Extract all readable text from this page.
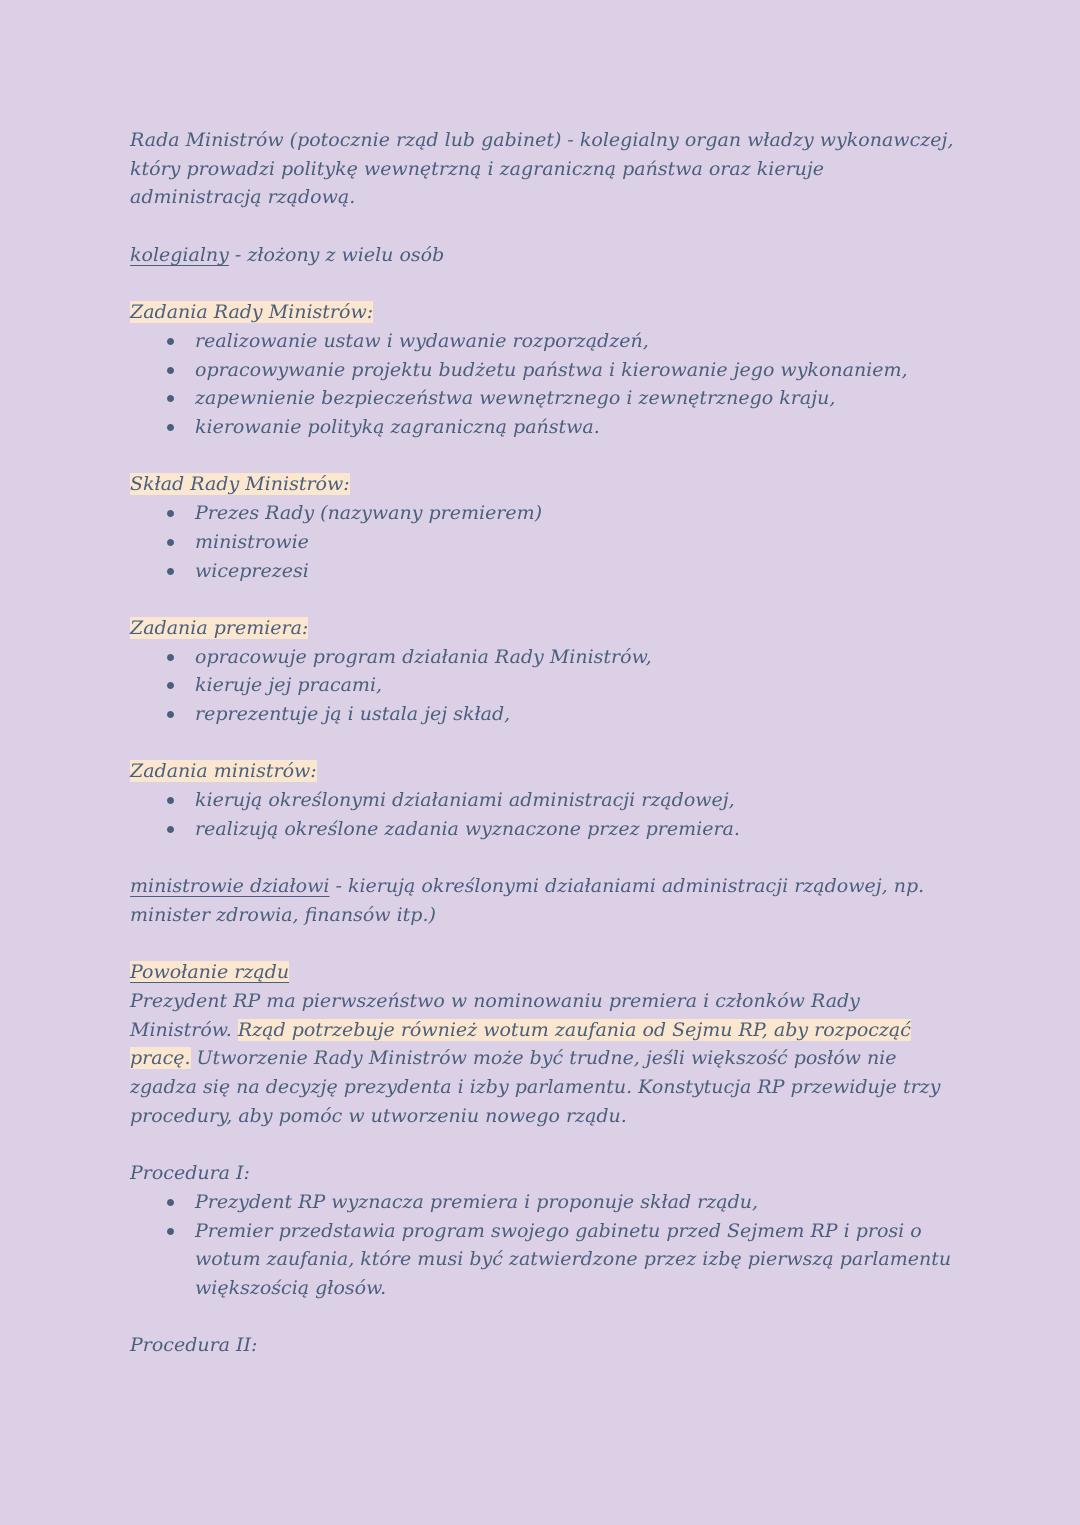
Rada Ministrów (potocznie rząd lub gabinet) - kolegialny organ władzy wykonawczej, który prowadzi politykę wewnętrzną i zagraniczną państwa oraz kieruje administracją rządową.

kolegialny - złożony z wielu osób

Zadania Rady Ministrów:

realizowanie ustaw i wydawanie rozporządzeń,
opracowywanie projektu budżetu państwa i kierowanie jego wykonaniem,
zapewnienie bezpieczeństwa wewnętrznego i zewnętrznego kraju,
kierowanie polityką zagraniczną państwa.

Skład Rady Ministrów:

Prezes Rady (nazywany premierem)
ministrowie
wiceprezesi

Zadania premiera:

opracowuje program działania Rady Ministrów,
kieruje jej pracami,
reprezentuje ją i ustala jej skład,

Zadania ministrów:

kierują określonymi działaniami administracji rządowej,
realizują określone zadania wyznaczone przez premiera.

ministrowie działowi - kierują określonymi działaniami administracji rządowej, np. minister zdrowia, finansów itp.)

Powołanie rządu

Prezydent RP ma pierwszeństwo w nominowaniu premiera i członków Rady Ministrów. Rząd potrzebuje również wotum zaufania od Sejmu RP, aby rozpocząć pracę. Utworzenie Rady Ministrów może być trudne, jeśli większość posłów nie zgadza się na decyzję prezydenta i izby parlamentu. Konstytucja RP przewiduje trzy procedury, aby pomóc w utworzeniu nowego rządu.

Procedura I:

Prezydent RP wyznacza premiera i proponuje skład rządu,
Premier przedstawia program swojego gabinetu przed Sejmem RP i prosi o wotum zaufania, które musi być zatwierdzone przez izbę pierwszą parlamentu większością głosów.

Procedura II:
